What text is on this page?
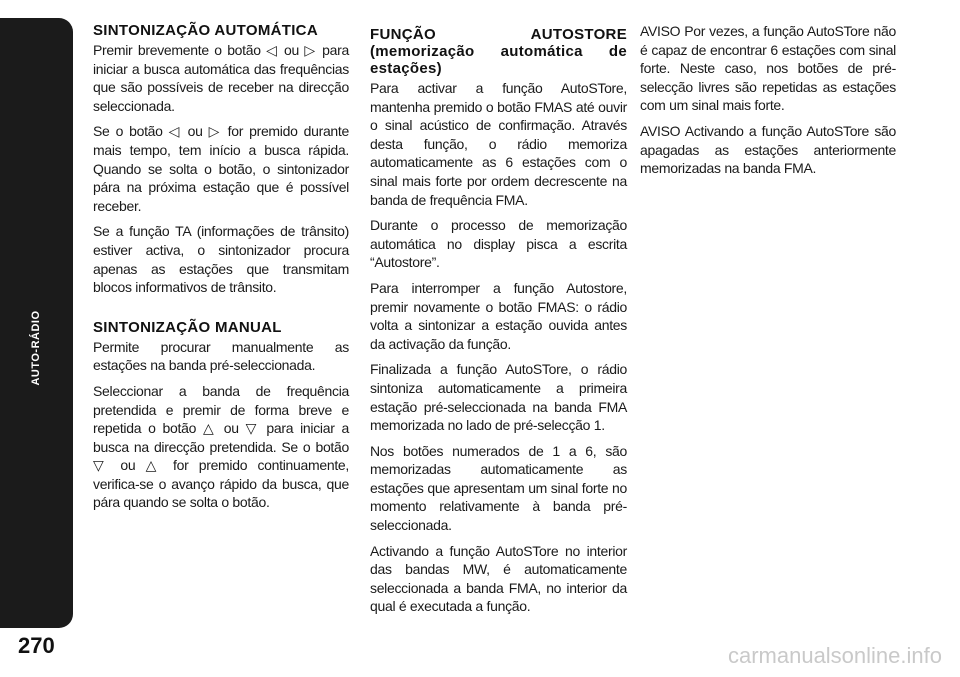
AUTO-RÁDIO
270
SINTONIZAÇÃO AUTOMÁTICA

Premir brevemente o botão ◁ ou ▷ para iniciar a busca automática das frequências que são possíveis de receber na direcção seleccionada.

Se o botão ◁ ou ▷ for premido durante mais tempo, tem início a busca rápida. Quando se solta o botão, o sintonizador pára na próxima estação que é possível receber.

Se a função TA (informações de trânsito) estiver activa, o sintonizador procura apenas as estações que transmitam blocos informativos de trânsito.

SINTONIZAÇÃO MANUAL

Permite procurar manualmente as estações na banda pré-seleccionada.

Seleccionar a banda de frequência pretendida e premir de forma breve e repetida o botão △ ou ▽ para iniciar a busca na direcção pretendida. Se o botão ▽ ou △ for premido continuamente, verifica-se o avanço rápido da busca, que pára quando se solta o botão.

FUNÇÃO AUTOSTORE (memorização automática de estações)

Para activar a função AutoSTore, mantenha premido o botão FMAS até ouvir o sinal acústico de confirmação. Através desta função, o rádio memoriza automaticamente as 6 estações com o sinal mais forte por ordem decrescente na banda de frequência FMA.

Durante o processo de memorização automática no display pisca a escrita “Autostore”.

Para interromper a função Autostore, premir novamente o botão FMAS: o rádio volta a sintonizar a estação ouvida antes da activação da função.

Finalizada a função AutoSTore, o rádio sintoniza automaticamente a primeira estação pré-seleccionada na banda FMA memorizada no lado de pré-selecção 1.

Nos botões numerados de 1 a 6, são memorizadas automaticamente as estações que apresentam um sinal forte no momento relativamente à banda pré-seleccionada.

Activando a função AutoSTore no interior das bandas MW, é automaticamente seleccionada a banda FMA, no interior da qual é executada a função.

AVISO Por vezes, a função AutoSTore não é capaz de encontrar 6 estações com sinal forte. Neste caso, nos botões de pré-selecção livres são repetidas as estações com um sinal mais forte.

AVISO Activando a função AutoSTore são apagadas as estações anteriormente memorizadas na banda FMA.

carmanualsonline.info
